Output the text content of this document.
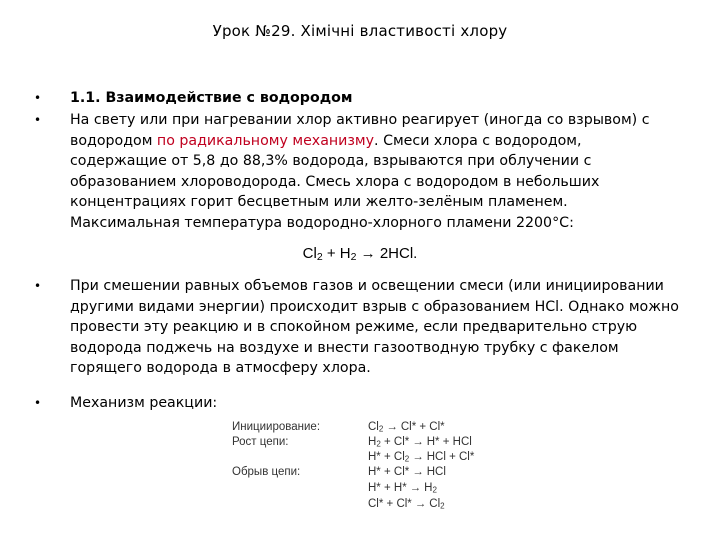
Урок №29. Хімічні властивості хлору
• 1.1. Взаимодействие с водородом
• На свету или при нагревании хлор активно реагирует (иногда со взрывом) с водородом по радикальному механизму. Смеси хлора с водородом, содержащие от 5,8 до 88,3% водорода, взрываются при облучении с образованием хлороводорода. Смесь хлора с водородом в небольших концентрациях горит бесцветным или желто-зелёным пламенем. Максимальная температура водородно-хлорного пламени 2200°C:
$Cl_2 + H_2 \to 2HCl$.
• При смешении равных объемов газов и освещении смеси (или инициировании другими видами энергии) происходит взрыв с образованием HCl. Однако можно провести эту реакцию и в спокойном режиме, если предварительно струю водорода поджечь на воздухе и внести газоотводную трубку с факелом горящего водорода в атмосферу хлора.
• Механизм реакции:
Инициирование:
Рост цепи:
Обрыв цепи:
$Cl_2 \to Cl* + Cl*$
$H_2 + Cl* \to H*$ + HCl
$H* + Cl_2$ → HCl + Cl*
H* + Cl* → HCl
$H* + H* \to H_2$
$Cl* + Cl* \to Cl_2$
